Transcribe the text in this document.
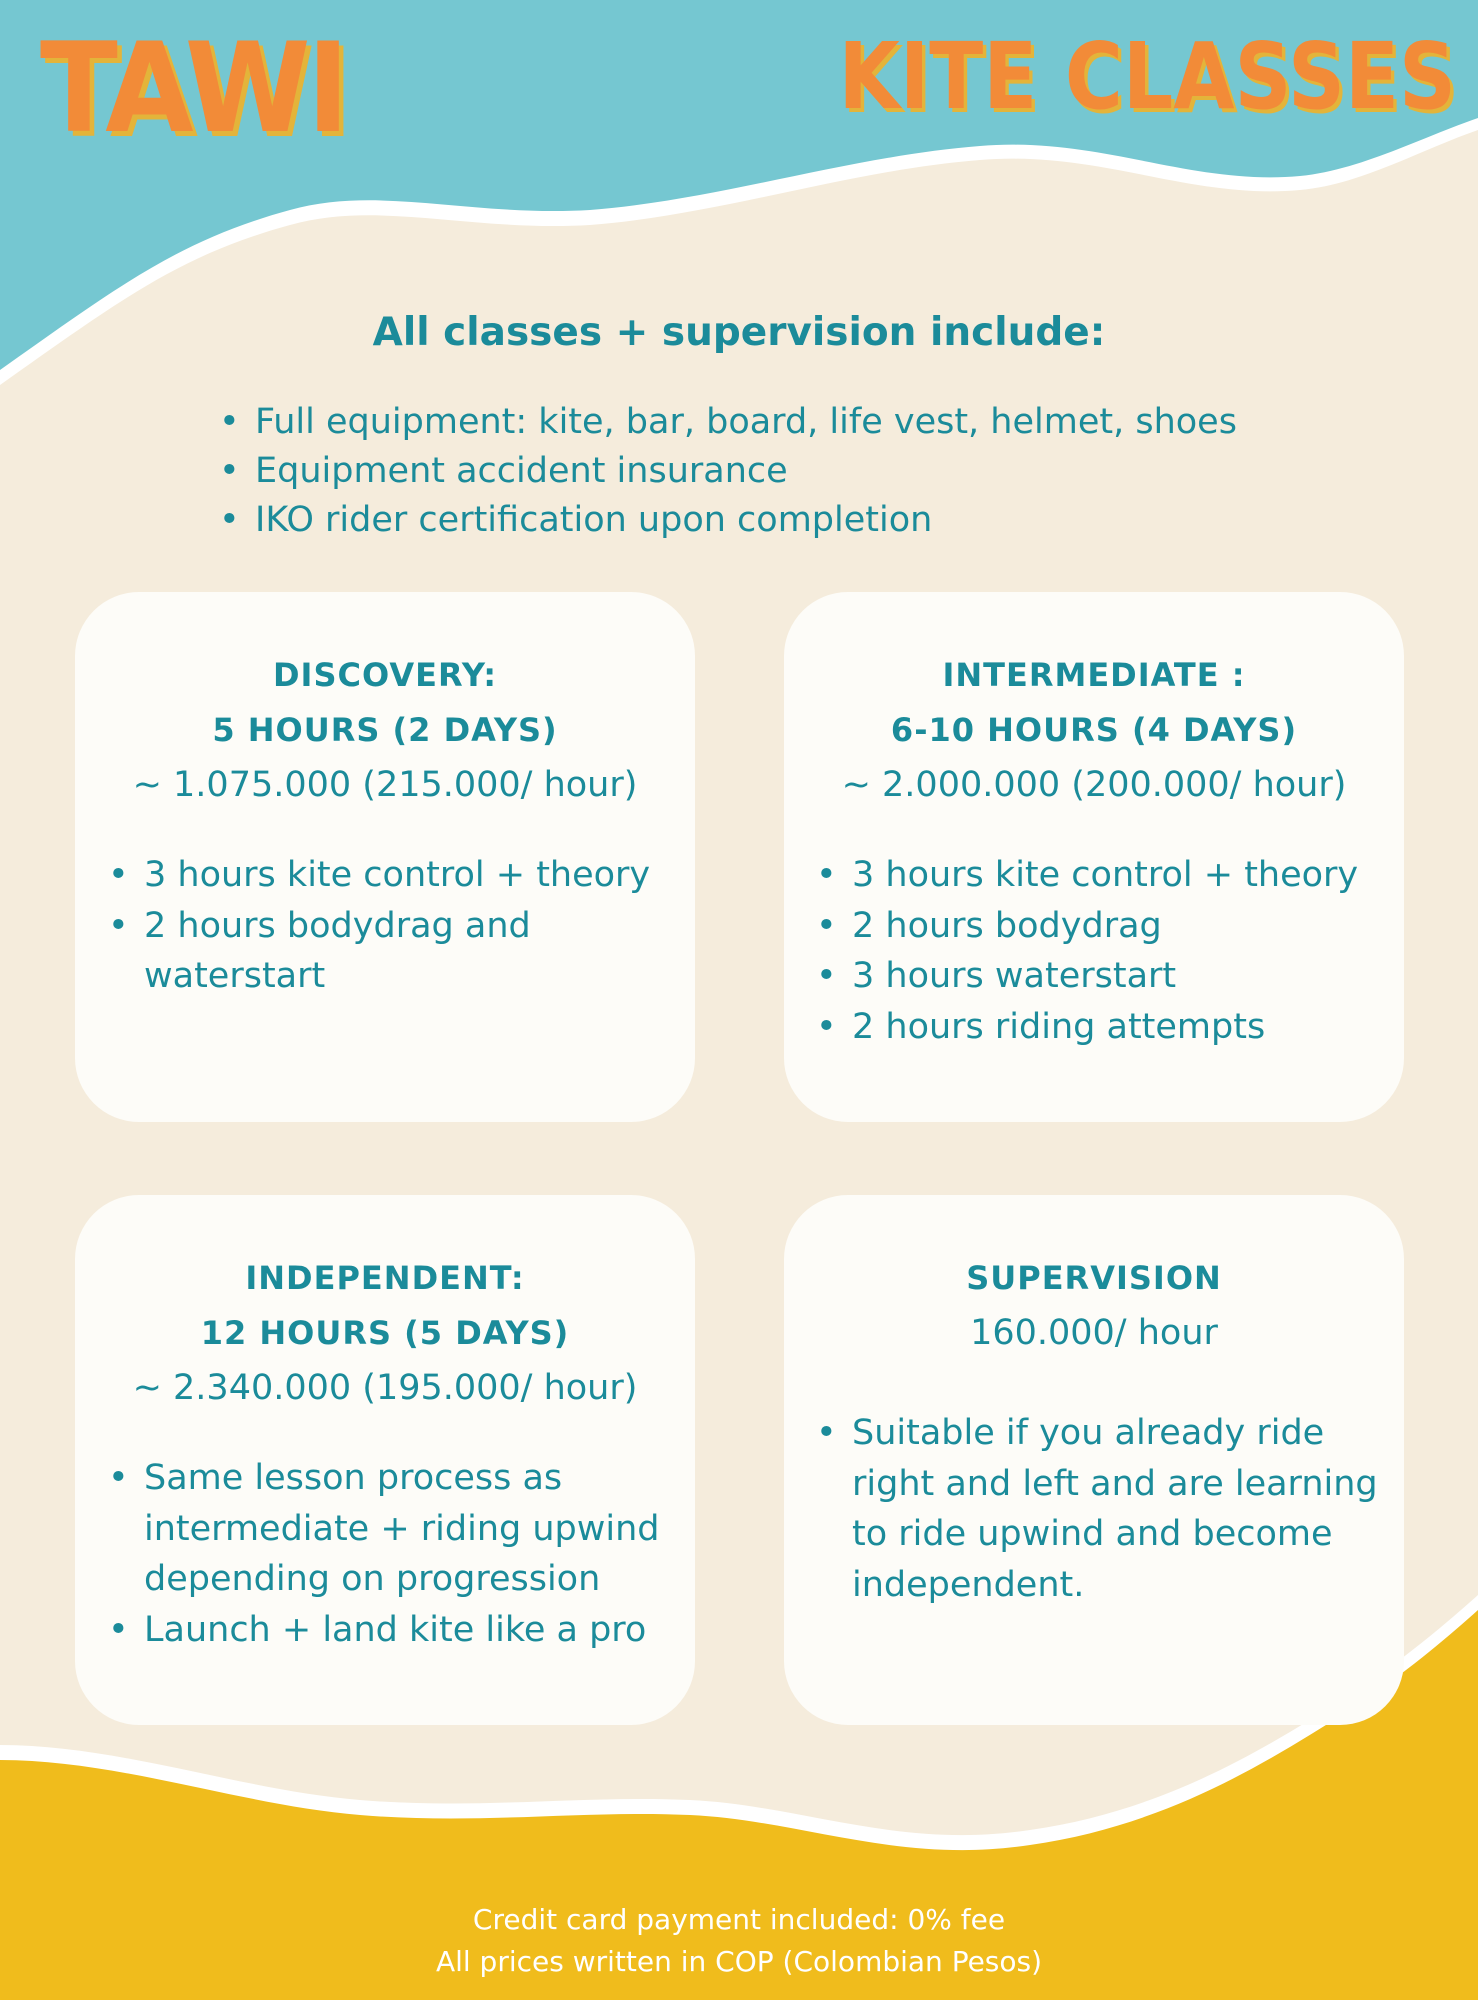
TAWI	KITE CLASSES
All classes + supervision include:
• Full equipment: kite, bar, board, life vest, helmet, shoes
• Equipment accident insurance
• IKO rider certification upon completion
DISCOVERY:
5 HOURS (2 DAYS)

~ 1.075.000 (215.000/ hour)

• 3 hours kite control + theory
• 2 hours bodydrag and waterstart
INTERMEDIATE :
6-10 HOURS (4 DAYS)

~ 2.000.000 (200.000/ hour)

• 3 hours kite control + theory
• 2 hours bodydrag
• 3 hours waterstart
• 2 hours riding attempts
INDEPENDENT:
12 HOURS (5 DAYS)

~ 2.340.000 (195.000/ hour)

• Same lesson process as intermediate + riding upwind depending on progression
• Launch + land kite like a pro
SUPERVISION

160.000/ hour

• Suitable if you already ride right and left and are learning to ride upwind and become independent.
Credit card payment included: 0% fee
All prices written in COP (Colombian Pesos)
